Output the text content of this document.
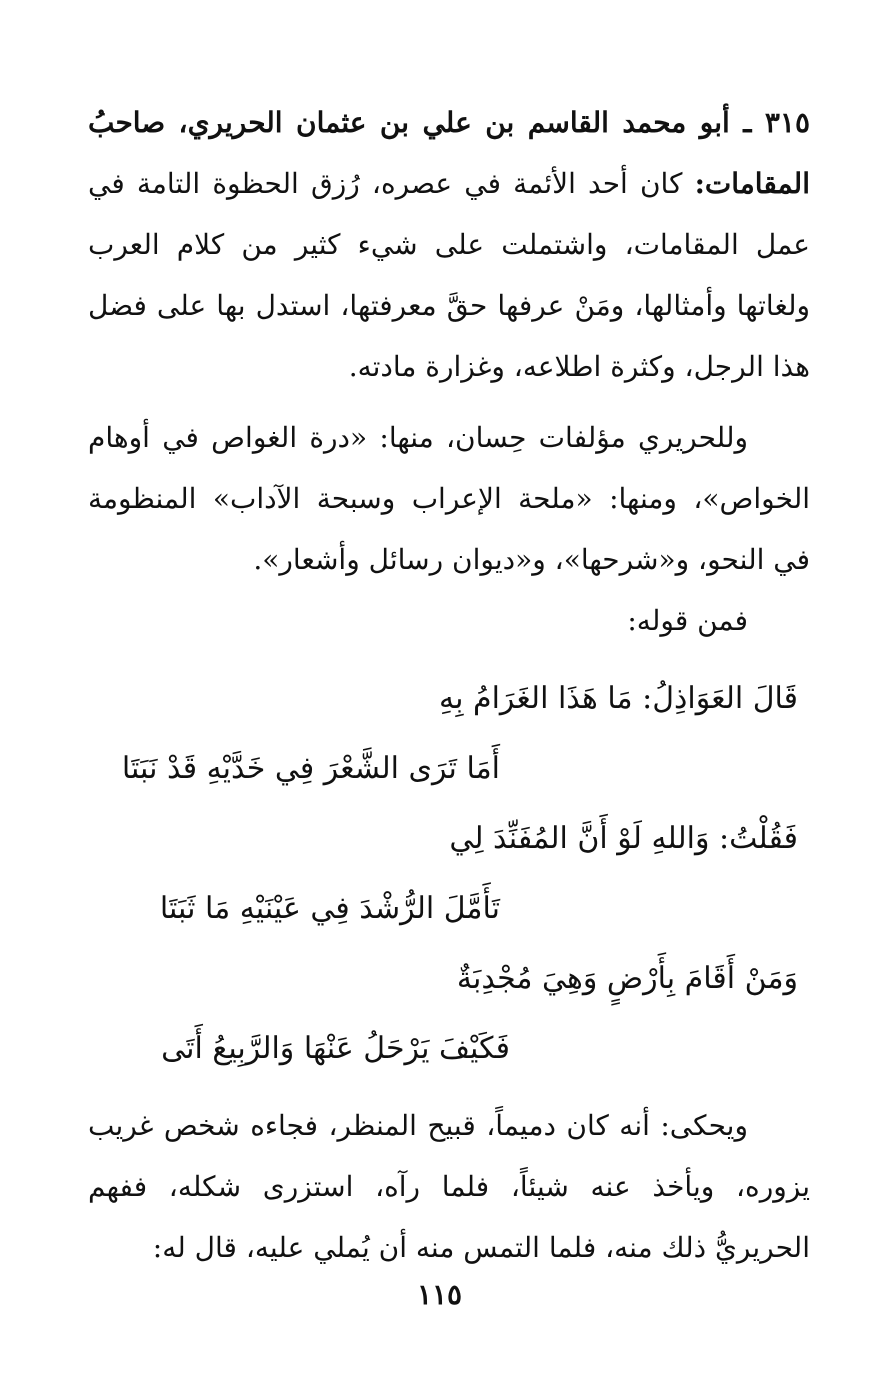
٣١٥ ـ أبو محمد القاسم بن علي بن عثمان الحريري، صاحبُ المقامات: كان أحد الأئمة في عصره، رُزق الحظوة التامة في عمل المقامات، واشتملت على شيء كثير من كلام العرب ولغاتها وأمثالها، ومَنْ عرفها حقَّ معرفتها، استدل بها على فضل هذا الرجل، وكثرة اطلاعه، وغزارة مادته.

وللحريري مؤلفات حِسان، منها: «درة الغواص في أوهام الخواص»، ومنها: «ملحة الإعراب وسبحة الآداب» المنظومة في النحو، و«شرحها»، و«ديوان رسائل وأشعار».

فمن قوله:

قَالَ العَوَاذِلُ: مَا هَذَا الغَرَامُ بِهِ
أَمَا تَرَى الشَّعْرَ فِي خَدَّيْهِ قَدْ نَبَتَا
فَقُلْتُ: وَاللهِ لَوْ أَنَّ المُفَنِّدَ لِي
تَأَمَّلَ الرُّشْدَ فِي عَيْنَيْهِ مَا ثَبَتَا
وَمَنْ أَقَامَ بِأَرْضٍ وَهِيَ مُجْدِبَةٌ
فَكَيْفَ يَرْحَلُ عَنْهَا وَالرَّبِيعُ أَتَى

ويحكى: أنه كان دميماً، قبيح المنظر، فجاءه شخص غريب يزوره، ويأخذ عنه شيئاً، فلما رآه، استزرى شكله، ففهم الحريريُّ ذلك منه، فلما التمس منه أن يُملي عليه، قال له:

١١٥
